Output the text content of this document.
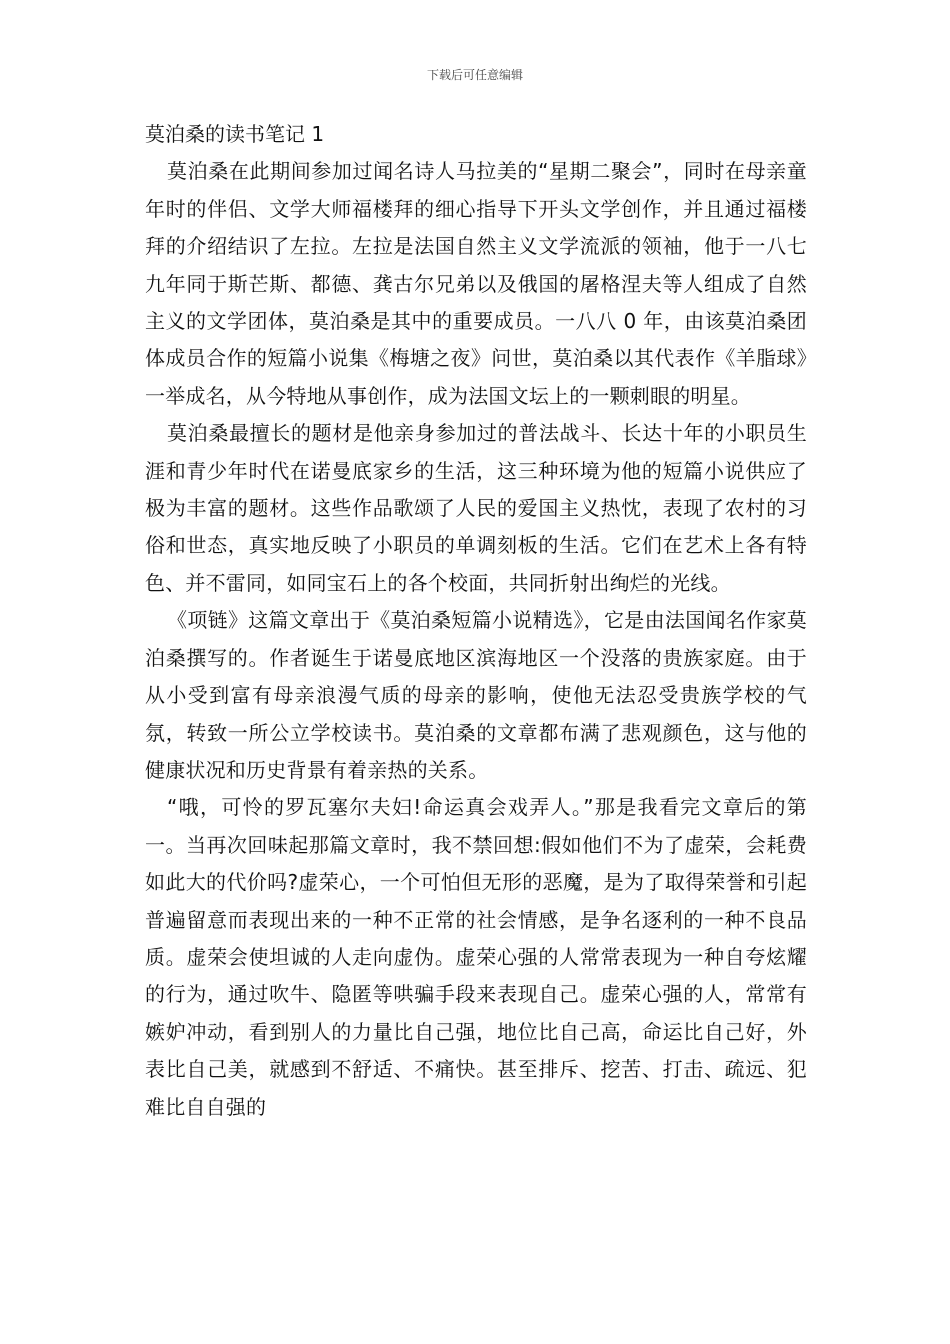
下载后可任意编辑
莫泊桑的读书笔记 1

莫泊桑在此期间参加过闻名诗人马拉美的“星期二聚会”，同时在母亲童年时的伴侣、文学大师福楼拜的细心指导下开头文学创作，并且通过福楼拜的介绍结识了左拉。左拉是法国自然主义文学流派的领袖，他于一八七九年同于斯芒斯、都德、龚古尔兄弟以及俄国的屠格涅夫等人组成了自然主义的文学团体，莫泊桑是其中的重要成员。一八八 0 年，由该莫泊桑团体成员合作的短篇小说集《梅塘之夜》问世，莫泊桑以其代表作《羊脂球》一举成名，从今特地从事创作，成为法国文坛上的一颗刺眼的明星。

莫泊桑最擅长的题材是他亲身参加过的普法战斗、长达十年的小职员生涯和青少年时代在诺曼底家乡的生活，这三种环境为他的短篇小说供应了极为丰富的题材。这些作品歌颂了人民的爱国主义热忱，表现了农村的习俗和世态，真实地反映了小职员的单调刻板的生活。它们在艺术上各有特色、并不雷同，如同宝石上的各个校面，共同折射出绚烂的光线。

《项链》这篇文章出于《莫泊桑短篇小说精选》，它是由法国闻名作家莫泊桑撰写的。作者诞生于诺曼底地区滨海地区一个没落的贵族家庭。由于从小受到富有母亲浪漫气质的母亲的影响，使他无法忍受贵族学校的气氛，转致一所公立学校读书。莫泊桑的文章都布满了悲观颜色，这与他的健康状况和历史背景有着亲热的关系。

“哦，可怜的罗瓦塞尔夫妇!命运真会戏弄人。”那是我看完文章后的第一。当再次回味起那篇文章时，我不禁回想:假如他们不为了虚荣，会耗费如此大的代价吗?虚荣心，一个可怕但无形的恶魔，是为了取得荣誉和引起普遍留意而表现出来的一种不正常的社会情感，是争名逐利的一种不良品质。虚荣会使坦诚的人走向虚伪。虚荣心强的人常常表现为一种自夸炫耀的行为，通过吹牛、隐匿等哄骗手段来表现自己。虚荣心强的人，常常有嫉妒冲动，看到别人的力量比自己强，地位比自己高，命运比自己好，外表比自己美，就感到不舒适、不痛快。甚至排斥、挖苦、打击、疏远、犯难比自自强的
